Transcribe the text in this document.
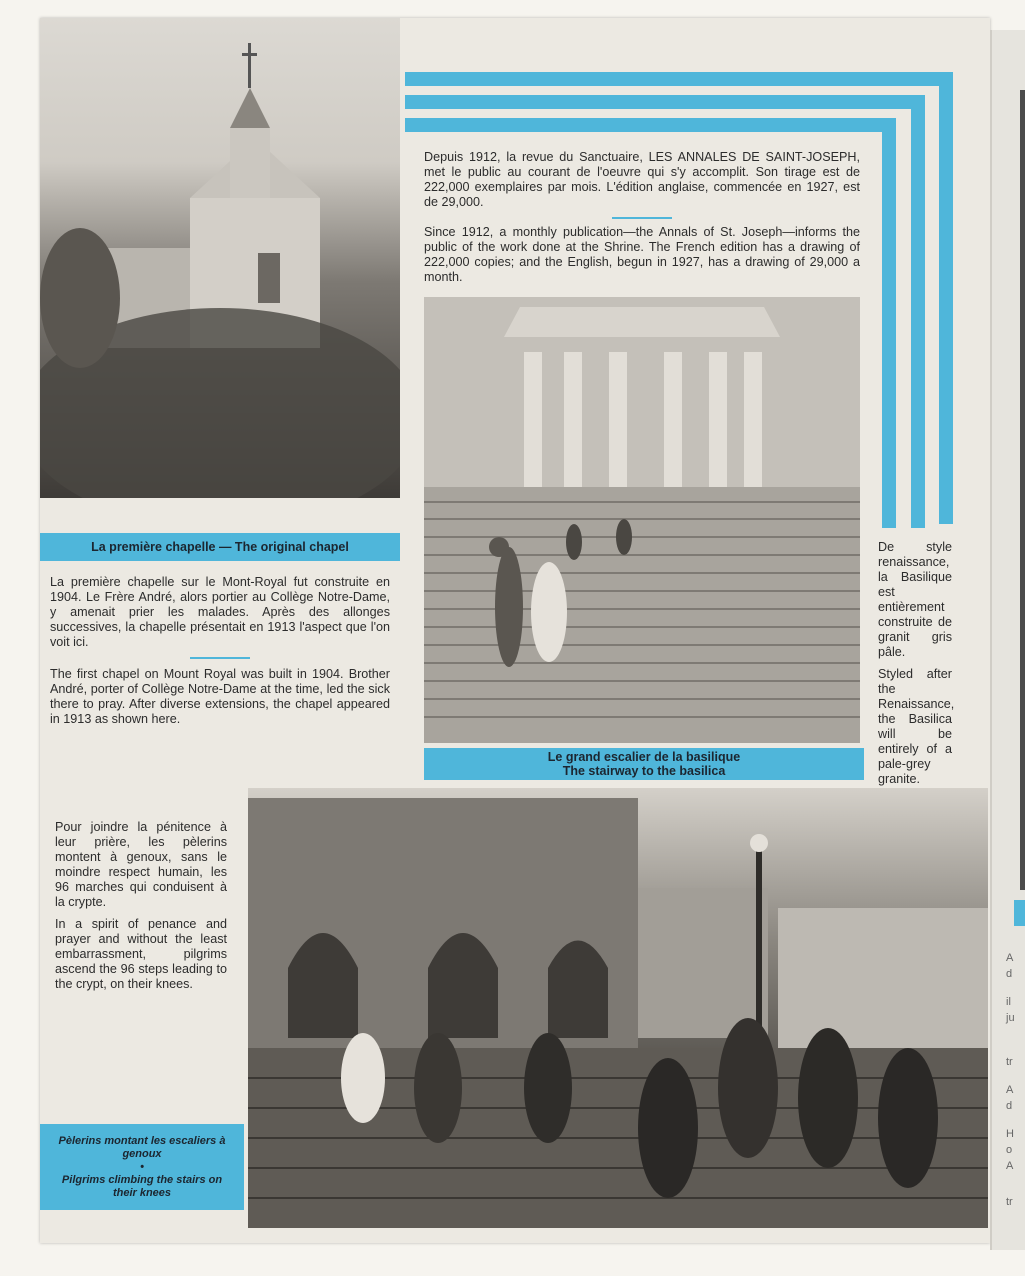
A
d
il
ju
tr
A
d
H
o
A
tr

Depuis 1912, la revue du Sanctuaire, LES ANNALES DE SAINT-JOSEPH, met le public au courant de l'oeuvre qui s'y accomplit. Son tirage est de 222,000 exemplaires par mois. L'édition anglaise, commencée en 1927, est de 29,000.

Since 1912, a monthly publication—the Annals of St. Joseph—informs the public of the work done at the Shrine. The French edition has a drawing of 222,000 copies; and the English, begun in 1927, has a drawing of 29,000 a month.

La première chapelle — The original chapel

La première chapelle sur le Mont-Royal fut construite en 1904. Le Frère André, alors portier au Collège Notre-Dame, y amenait prier les malades. Après des allonges successives, la chapelle présentait en 1913 l'aspect que l'on voit ici.

The first chapel on Mount Royal was built in 1904. Brother André, porter of Collège Notre-Dame at the time, led the sick there to pray. After diverse extensions, the chapel appeared in 1913 as shown here.

Le grand escalier de la basilique
The stairway to the basilica

De style renaissance, la Basilique est entièrement construite de granit gris pâle.

Styled after the Renaissance, the Basilica will be entirely of a pale-grey granite.

Pour joindre la pénitence à leur prière, les pèlerins montent à genoux, sans le moindre respect humain, les 96 marches qui conduisent à la crypte.

In a spirit of penance and prayer and without the least embarrassment, pilgrims ascend the 96 steps leading to the crypt, on their knees.

Pèlerins montant les escaliers à genoux
•
Pilgrims climbing the stairs on their knees
